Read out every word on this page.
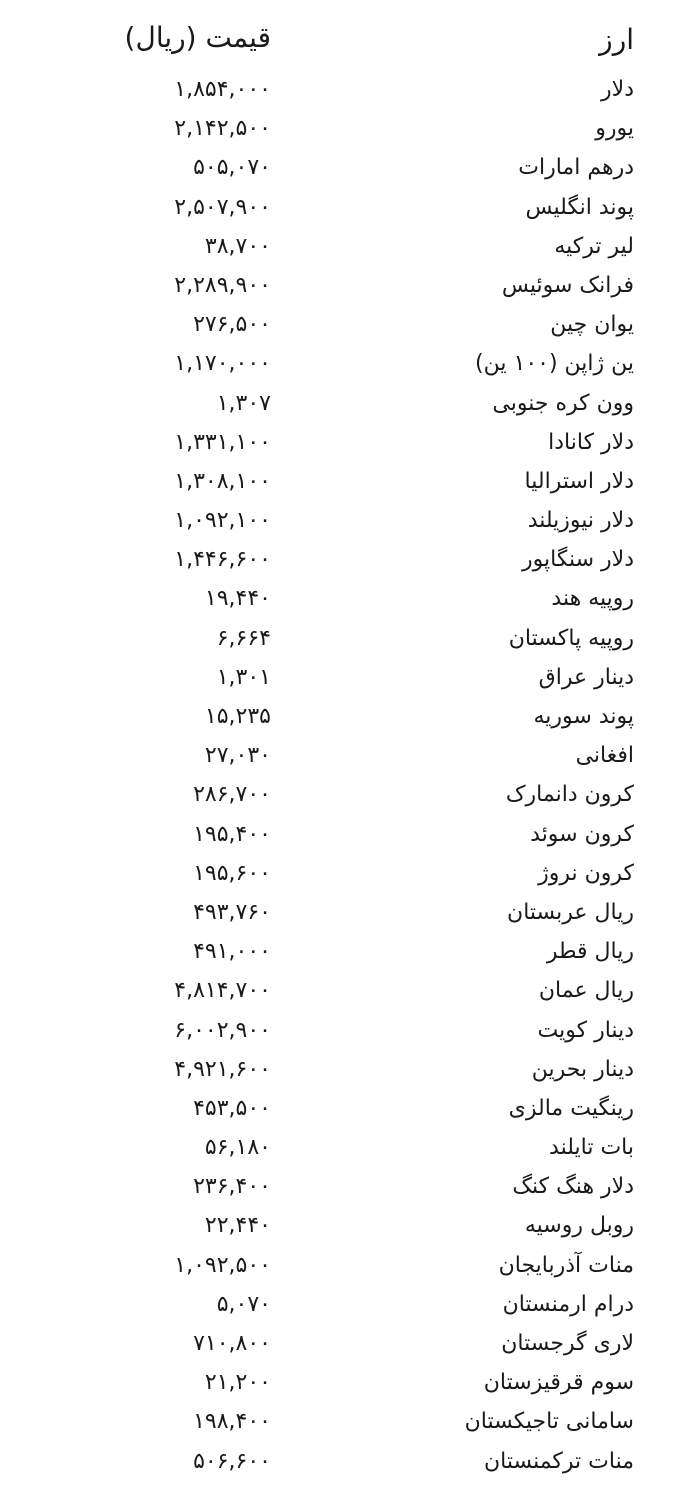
ارز
قیمت (ریال)
دلار
۱,۸۵۴,۰۰۰
یورو
۲,۱۴۲,۵۰۰
درهم امارات
۵۰۵,۰۷۰
پوند انگلیس
۲,۵۰۷,۹۰۰
لیر ترکیه
۳۸,۷۰۰
فرانک سوئیس
۲,۲۸۹,۹۰۰
یوان چین
۲۷۶,۵۰۰
ین ژاپن (۱۰۰ ین)
۱,۱۷۰,۰۰۰
وون کره جنوبی
۱,۳۰۷
دلار کانادا
۱,۳۳۱,۱۰۰
دلار استرالیا
۱,۳۰۸,۱۰۰
دلار نیوزیلند
۱,۰۹۲,۱۰۰
دلار سنگاپور
۱,۴۴۶,۶۰۰
روپیه هند
۱۹,۴۴۰
روپیه پاکستان
۶,۶۶۴
دینار عراق
۱,۳۰۱
پوند سوریه
۱۵,۲۳۵
افغانی
۲۷,۰۳۰
کرون دانمارک
۲۸۶,۷۰۰
کرون سوئد
۱۹۵,۴۰۰
کرون نروژ
۱۹۵,۶۰۰
ریال عربستان
۴۹۳,۷۶۰
ریال قطر
۴۹۱,۰۰۰
ریال عمان
۴,۸۱۴,۷۰۰
دینار کویت
۶,۰۰۲,۹۰۰
دینار بحرین
۴,۹۲۱,۶۰۰
رینگیت مالزی
۴۵۳,۵۰۰
بات تایلند
۵۶,۱۸۰
دلار هنگ کنگ
۲۳۶,۴۰۰
روبل روسیه
۲۲,۴۴۰
منات آذربایجان
۱,۰۹۲,۵۰۰
درام ارمنستان
۵,۰۷۰
لاری گرجستان
۷۱۰,۸۰۰
سوم قرقیزستان
۲۱,۲۰۰
سامانی تاجیکستان
۱۹۸,۴۰۰
منات ترکمنستان
۵۰۶,۶۰۰
